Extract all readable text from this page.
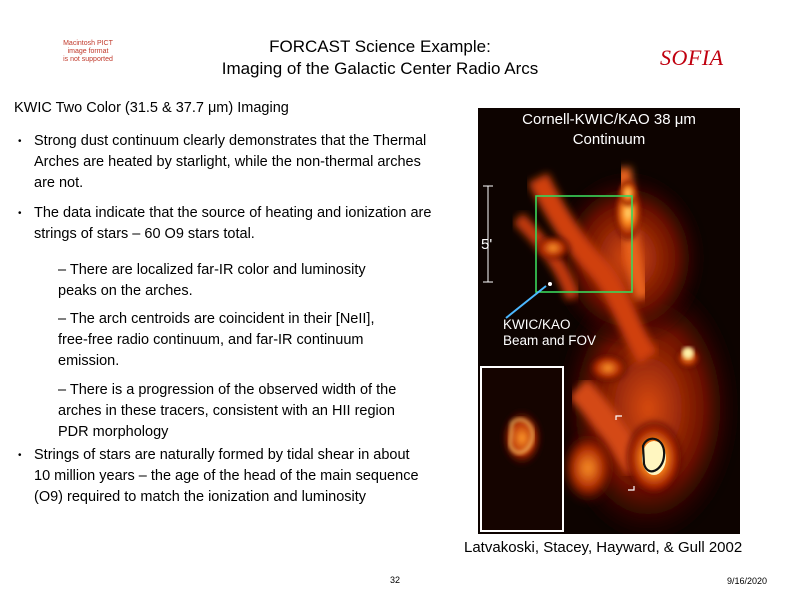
Macintosh PICT
image format
is not supported
FORCAST Science Example:
Imaging of the Galactic Center Radio Arcs	SOFIA
KWIC Two Color (31.5 & 37.7 μm) Imaging
• Strong dust continuum clearly demonstrates that the Thermal Arches are heated by starlight, while the non-thermal arches are not.
• The data indicate that the source of heating and ionization are strings of stars – 60 O9 stars total.
– There are localized far-IR color and luminosity peaks on the arches.
– The arch centroids are coincident in their [NeII], free-free radio continuum, and far-IR continuum emission.
– There is a progression of the observed width of the arches in these tracers, consistent with an HII region PDR morphology
• Strings of stars are naturally formed by tidal shear in about 10 million years – the age of the head of the main sequence (O9) required to match the ionization and luminosity
Cornell-KWIC/KAO 38 μm
Continuum
5'
KWIC/KAO
Beam and FOV
Latvakoski, Stacey, Hayward, & Gull 2002
32	9/16/2020
